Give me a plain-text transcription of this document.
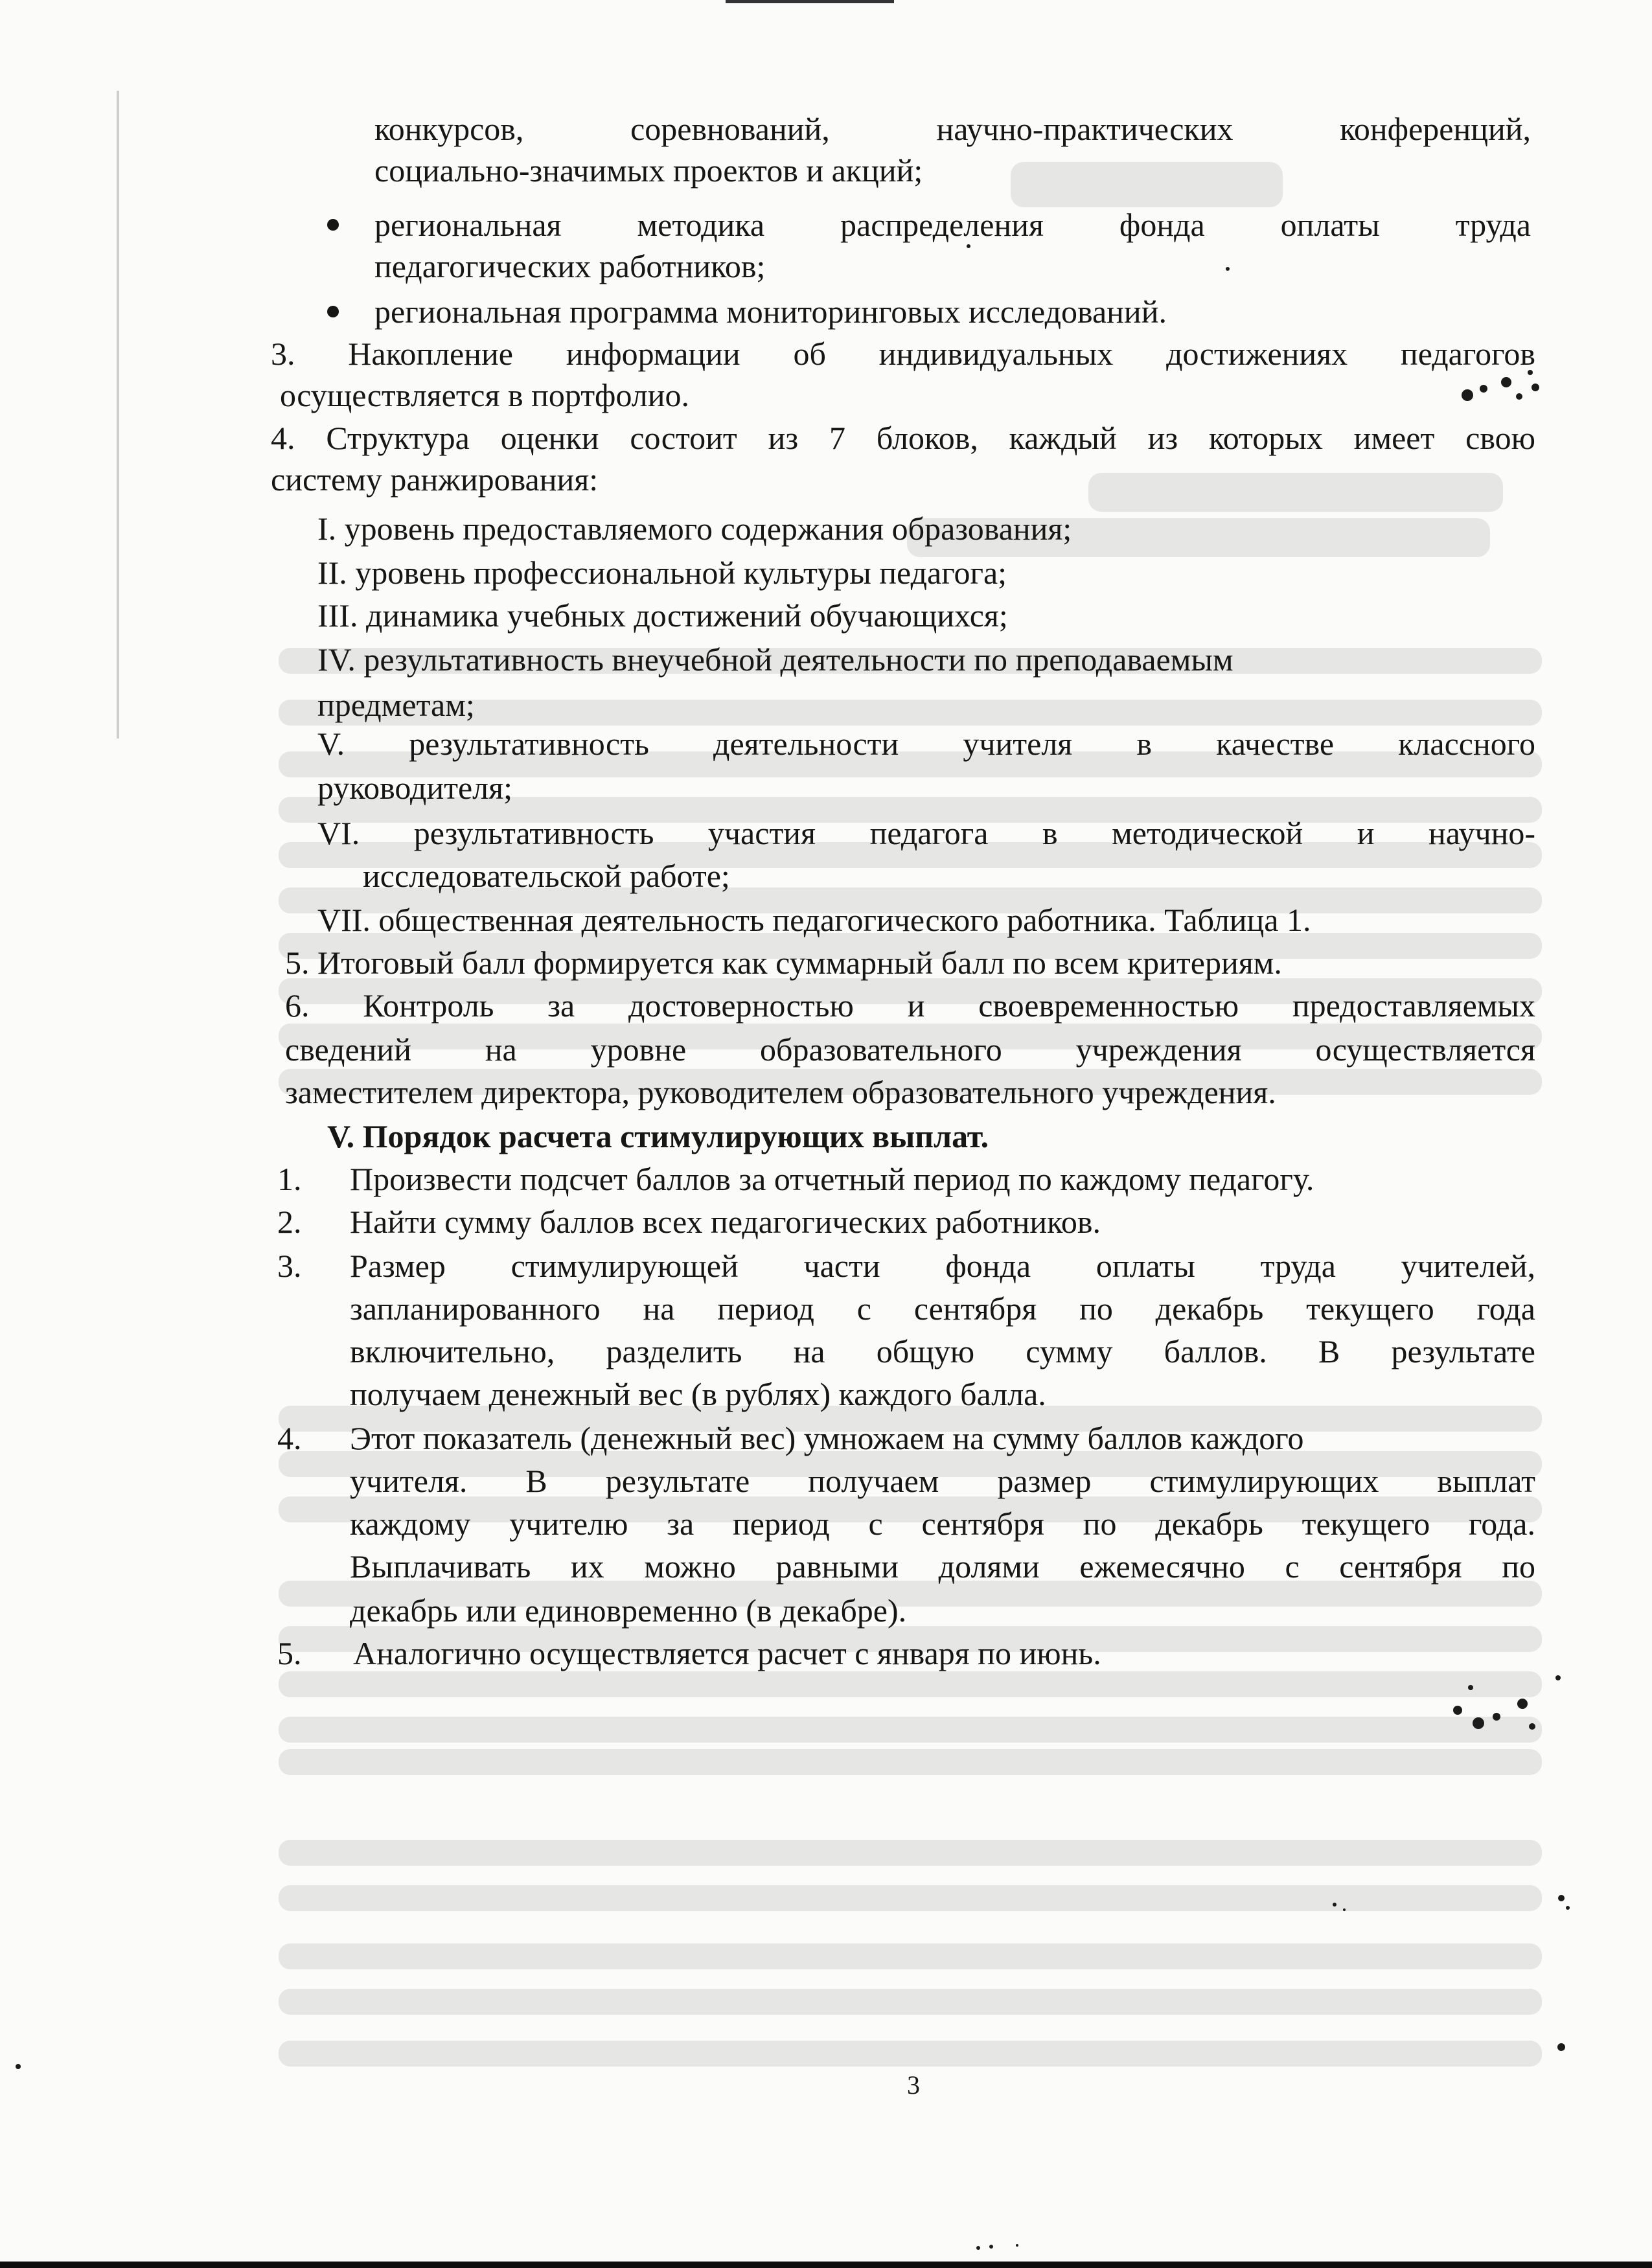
конкурсов, соревнований, научно-практических конференций,
социально-значимых проектов и акций;
региональная методика распределения фонда оплаты труда
педагогических работников;
региональная программа мониторинговых исследований.
3. Накопление информации об индивидуальных достижениях педагогов
осуществляется в портфолио.
4. Структура оценки состоит из 7 блоков, каждый из которых имеет свою
систему ранжирования:
I. уровень предоставляемого содержания образования;
II. уровень профессиональной культуры педагога;
III. динамика учебных достижений обучающихся;
IV. результативность внеучебной деятельности по преподаваемым
предметам;
V. результативность деятельности учителя в качестве классного
руководителя;
VI. результативность участия педагога в методической и научно-
исследовательской работе;
VII. общественная деятельность педагогического работника. Таблица 1.
5. Итоговый балл формируется как суммарный балл по всем критериям.
6. Контроль за достоверностью и своевременностью предоставляемых
сведений на уровне образовательного учреждения осуществляется
заместителем директора, руководителем образовательного учреждения.
V. Порядок расчета стимулирующих выплат.
1. Произвести подсчет баллов за отчетный период по каждому педагогу.
2. Найти сумму баллов всех педагогических работников.
3. Размер стимулирующей части фонда оплаты труда учителей,
запланированного на период с сентября по декабрь текущего года
включительно, разделить на общую сумму баллов. В результате
получаем денежный вес (в рублях) каждого балла.
4. Этот показатель (денежный вес) умножаем на сумму баллов каждого
учителя. В результате получаем размер стимулирующих выплат
каждому учителю за период с сентября по декабрь текущего года.
Выплачивать их можно равными долями ежемесячно с сентября по
декабрь или единовременно (в декабре).
5. Аналогично осуществляется расчет с января по июнь.
3
